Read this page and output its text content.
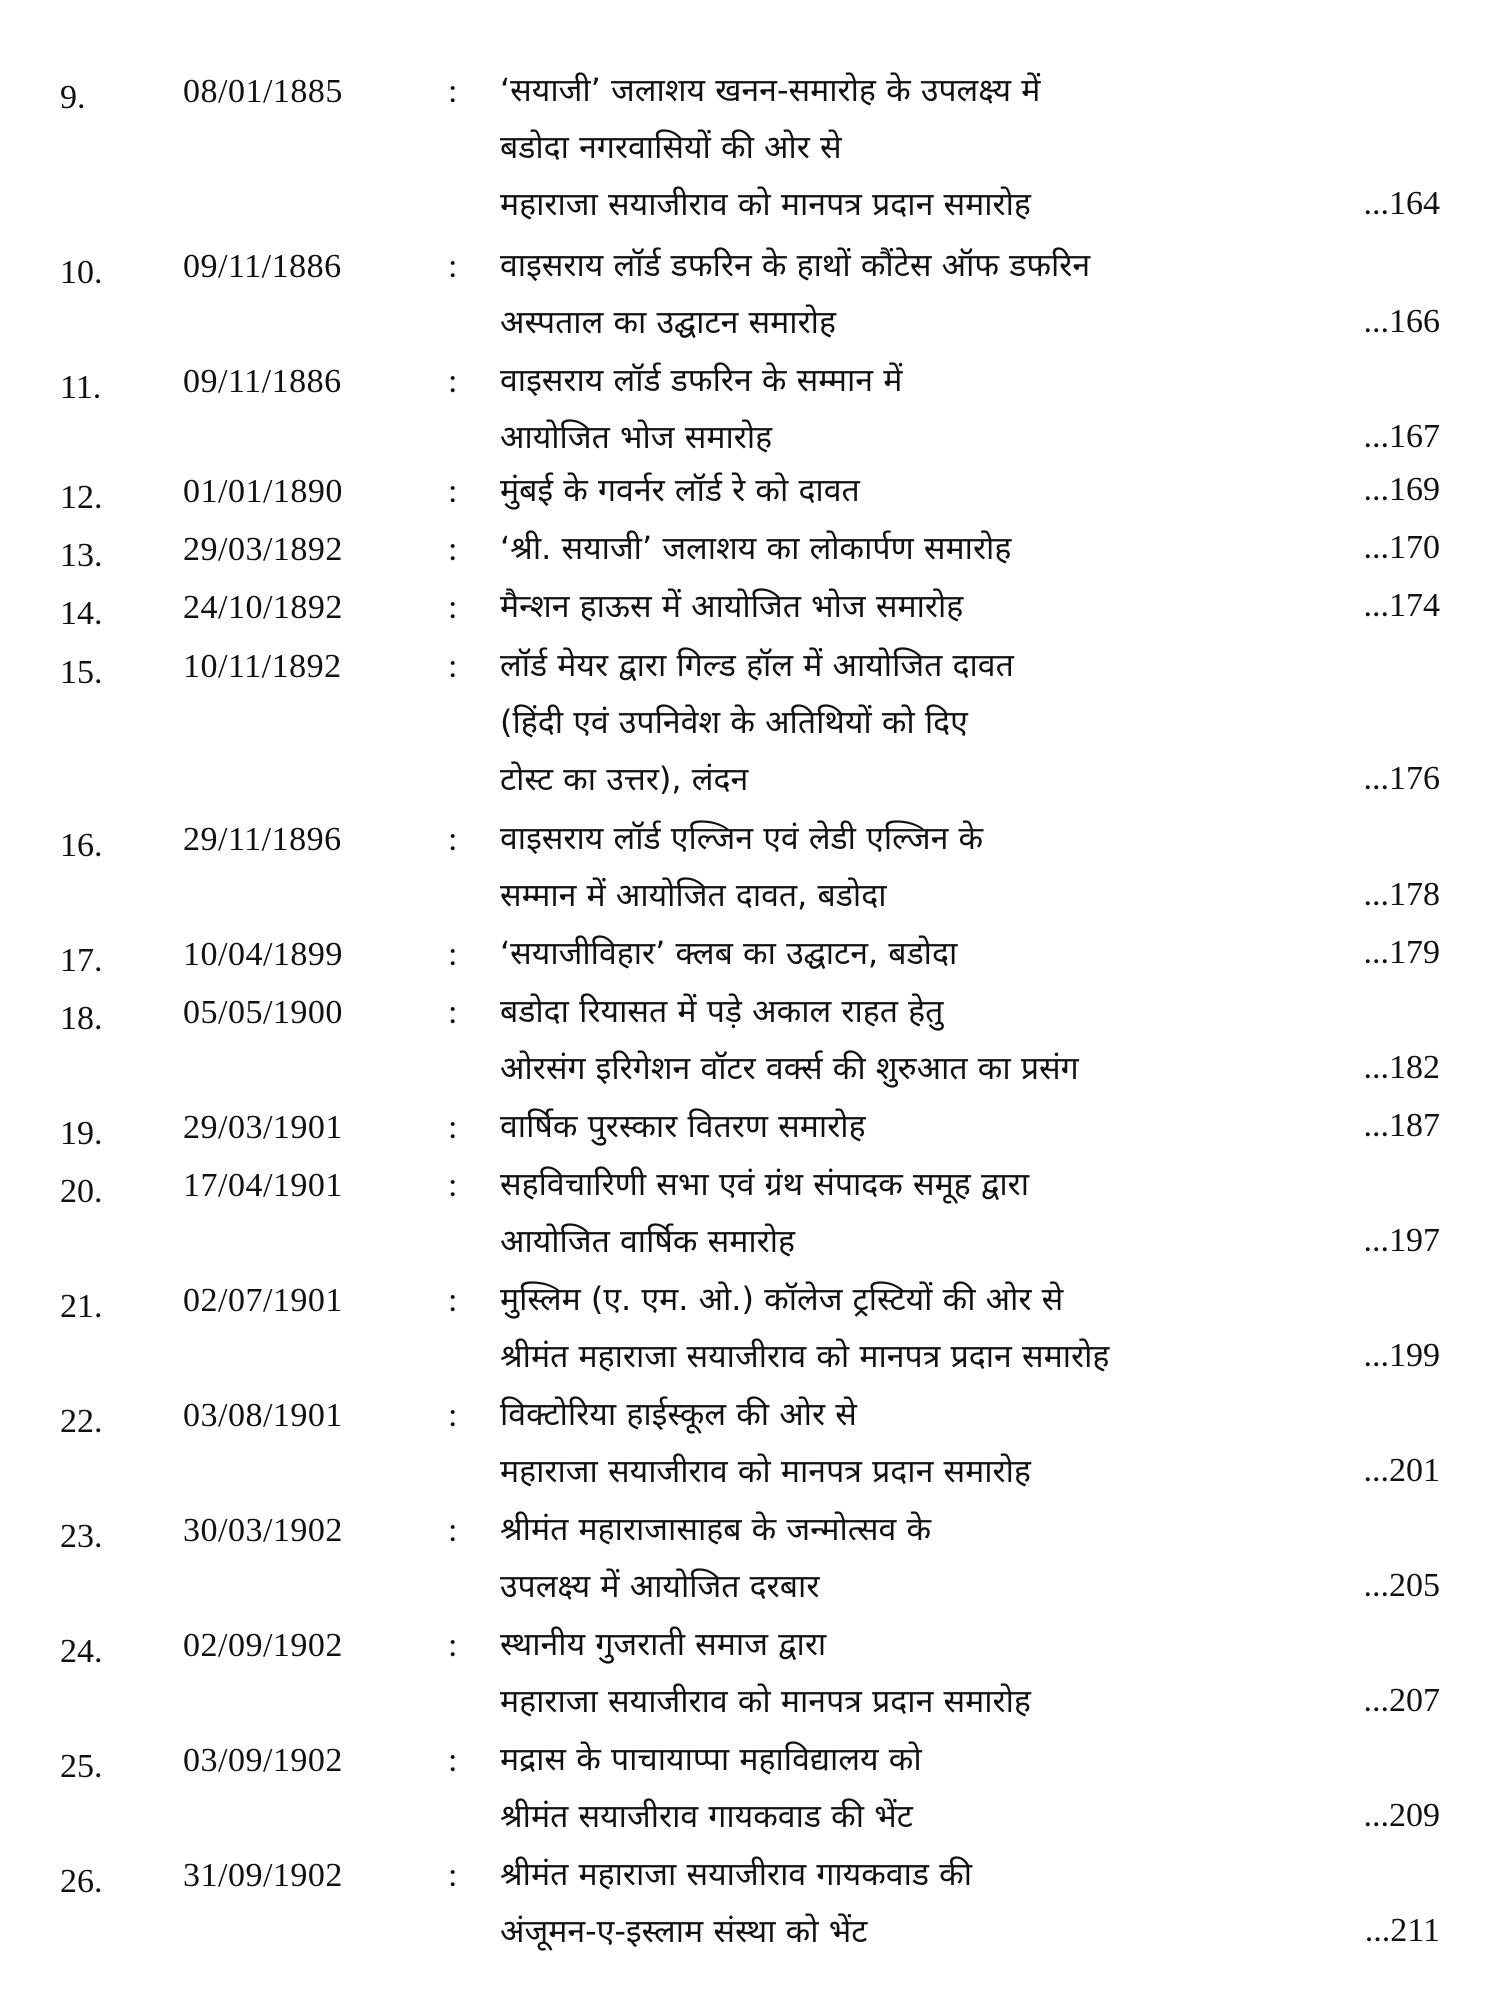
9.	08/01/1885	: ‘सयाजी’ जलाशय खनन-समारोह के उपलक्ष्य में
बडोदा नगरवासियों की ओर से
महाराजा सयाजीराव को मानपत्र प्रदान समारोह	...164
10.	09/11/1886	: वाइसराय लॉर्ड डफरिन के हाथों कौंटेस ऑफ डफरिन
अस्पताल का उद्घाटन समारोह	...166
11.	09/11/1886	: वाइसराय लॉर्ड डफरिन के सम्मान में
आयोजित भोज समारोह	...167
12.	01/01/1890	: मुंबई के गवर्नर लॉर्ड रे को दावत	...169
13.	29/03/1892	: ‘श्री. सयाजी’ जलाशय का लोकार्पण समारोह	...170
14.	24/10/1892	: मैन्शन हाऊस में आयोजित भोज समारोह	...174
15.	10/11/1892	: लॉर्ड मेयर द्वारा गिल्ड हॉल में आयोजित दावत
(हिंदी एवं उपनिवेश के अतिथियों को दिए
टोस्ट का उत्तर), लंदन	...176
16.	29/11/1896	: वाइसराय लॉर्ड एल्जिन एवं लेडी एल्जिन के
सम्मान में आयोजित दावत, बडोदा	...178
17.	10/04/1899	: ‘सयाजीविहार’ क्लब का उद्घाटन, बडोदा	...179
18.	05/05/1900	: बडोदा रियासत में पड़े अकाल राहत हेतु
ओरसंग इरिगेशन वॉटर वर्क्स की शुरुआत का प्रसंग	...182
19.	29/03/1901	: वार्षिक पुरस्कार वितरण समारोह	...187
20.	17/04/1901	: सहविचारिणी सभा एवं ग्रंथ संपादक समूह द्वारा
आयोजित वार्षिक समारोह	...197
21.	02/07/1901	: मुस्लिम (ए. एम. ओ.) कॉलेज ट्रस्टियों की ओर से
श्रीमंत महाराजा सयाजीराव को मानपत्र प्रदान समारोह	...199
22.	03/08/1901	: विक्टोरिया हाईस्कूल की ओर से
महाराजा सयाजीराव को मानपत्र प्रदान समारोह	...201
23.	30/03/1902	: श्रीमंत महाराजासाहब के जन्मोत्सव के
उपलक्ष्य में आयोजित दरबार	...205
24.	02/09/1902	: स्थानीय गुजराती समाज द्वारा
महाराजा सयाजीराव को मानपत्र प्रदान समारोह	...207
25.	03/09/1902	: मद्रास के पाचायाप्पा महाविद्यालय को
श्रीमंत सयाजीराव गायकवाड की भेंट	...209
26.	31/09/1902	: श्रीमंत महाराजा सयाजीराव गायकवाड की
अंजूमन-ए-इस्लाम संस्था को भेंट	...211
